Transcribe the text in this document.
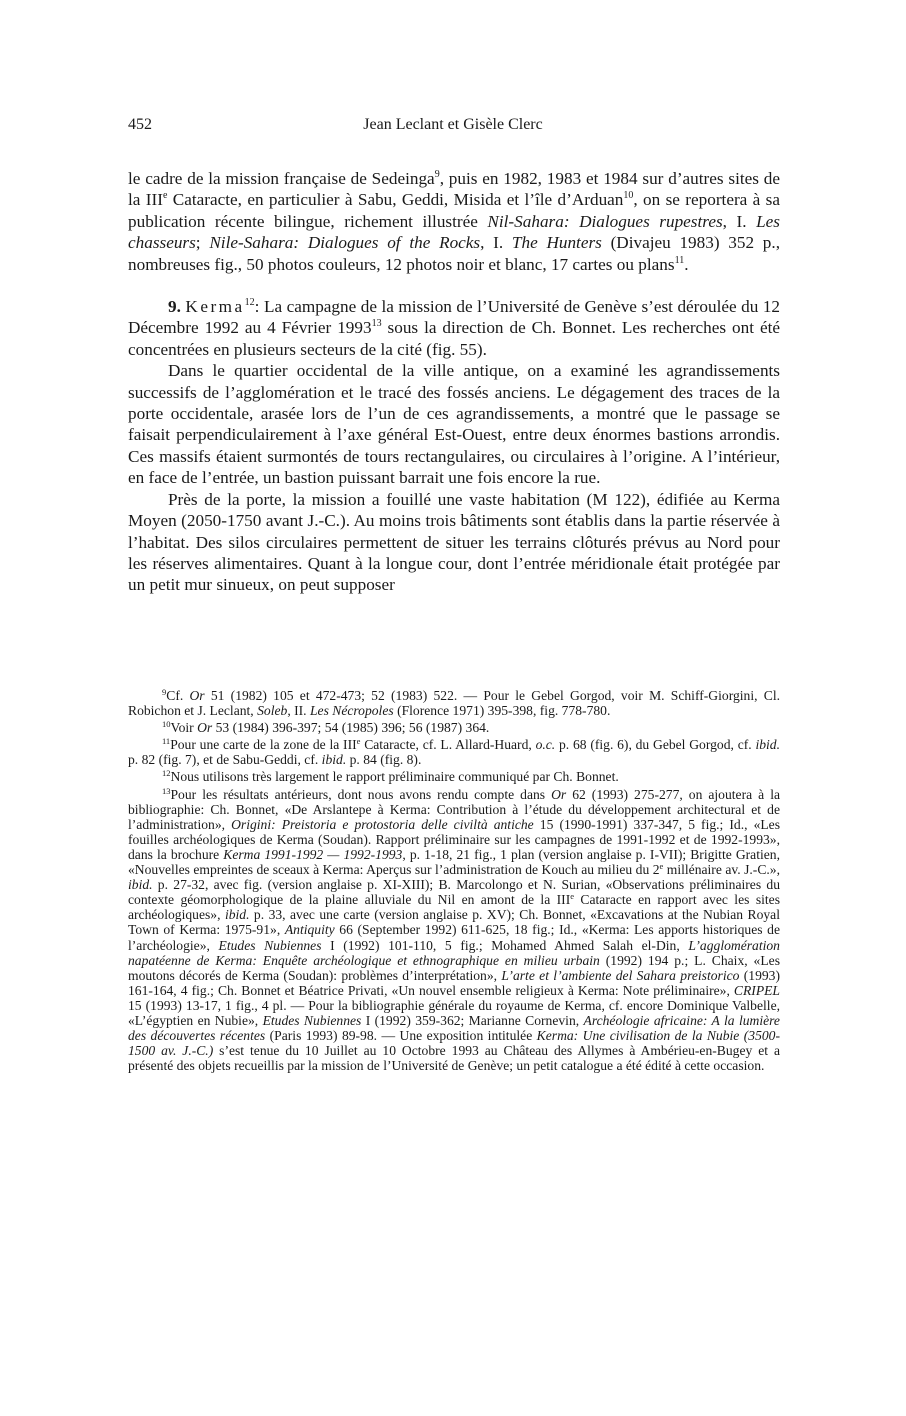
452	Jean Leclant et Gisèle Clerc

le cadre de la mission française de Sedeinga$^9$, puis en 1982, 1983 et 1984 sur d’autres sites de la IIIe Cataracte, en particulier à Sabu, Geddi, Misida et l’île d’Arduan$^{10}$, on se reportera à sa publication récente bilingue, richement illustrée Nil-Sahara: Dialogues rupestres, I. Les chasseurs; Nile-Sahara: Dialogues of the Rocks, I. The Hunters (Divajeu 1983) 352 p., nombreuses fig., 50 photos couleurs, 12 photos noir et blanc, 17 cartes ou plans$^{11}$.

9. Kerma$^{12}$: La campagne de la mission de l’Université de Genève s’est déroulée du 12 Décembre 1992 au 4 Février 1993$^{13}$ sous la direction de Ch. Bonnet. Les recherches ont été concentrées en plusieurs secteurs de la cité (fig. 55).

Dans le quartier occidental de la ville antique, on a examiné les agrandissements successifs de l’agglomération et le tracé des fossés anciens. Le dégagement des traces de la porte occidentale, arasée lors de l’un de ces agrandissements, a montré que le passage se faisait perpendiculairement à l’axe général Est-Ouest, entre deux énormes bastions arrondis. Ces massifs étaient surmontés de tours rectangulaires, ou circulaires à l’origine. A l’intérieur, en face de l’entrée, un bastion puissant barrait une fois encore la rue.

Près de la porte, la mission a fouillé une vaste habitation (M 122), édifiée au Kerma Moyen (2050-1750 avant J.-C.). Au moins trois bâtiments sont établis dans la partie réservée à l’habitat. Des silos circulaires permettent de situer les terrains clôturés prévus au Nord pour les réserves alimentaires. Quant à la longue cour, dont l’entrée méridionale était protégée par un petit mur sinueux, on peut supposer

$^9$Cf. Or 51 (1982) 105 et 472-473; 52 (1983) 522. — Pour le Gebel Gorgod, voir M. Schiff-Giorgini, Cl. Robichon et J. Leclant, Soleb, II. Les Nécropoles (Florence 1971) 395-398, fig. 778-780.

$^{10}$Voir Or 53 (1984) 396-397; 54 (1985) 396; 56 (1987) 364.

$^{11}$Pour une carte de la zone de la IIIe Cataracte, cf. L. Allard-Huard, o.c. p. 68 (fig. 6), du Gebel Gorgod, cf. ibid. p. 82 (fig. 7), et de Sabu-Geddi, cf. ibid. p. 84 (fig. 8).

$^{12}$Nous utilisons très largement le rapport préliminaire communiqué par Ch. Bonnet.

$^{13}$Pour les résultats antérieurs, dont nous avons rendu compte dans Or 62 (1993) 275-277, on ajoutera à la bibliographie: Ch. Bonnet, «De Arslantepe à Kerma: Contribution à l’étude du développement architectural et de l’administration», Origini: Preistoria e protostoria delle civiltà antiche 15 (1990-1991) 337-347, 5 fig.; Id., «Les fouilles archéologiques de Kerma (Soudan). Rapport préliminaire sur les campagnes de 1991-1992 et de 1992-1993», dans la brochure Kerma 1991-1992 — 1992-1993, p. 1-18, 21 fig., 1 plan (version anglaise p. I-VII); Brigitte Gratien, «Nouvelles empreintes de sceaux à Kerma: Aperçus sur l’administration de Kouch au milieu du 2e millénaire av. J.-C.», ibid. p. 27-32, avec fig. (version anglaise p. XI-XIII); B. Marcolongo et N. Surian, «Observations préliminaires du contexte géomorphologique de la plaine alluviale du Nil en amont de la IIIe Cataracte en rapport avec les sites archéologiques», ibid. p. 33, avec une carte (version anglaise p. XV); Ch. Bonnet, «Excavations at the Nubian Royal Town of Kerma: 1975-91», Antiquity 66 (September 1992) 611-625, 18 fig.; Id., «Kerma: Les apports historiques de l’archéologie», Etudes Nubiennes I (1992) 101-110, 5 fig.; Mohamed Ahmed Salah el-Din, L’agglomération napatéenne de Kerma: Enquête archéologique et ethnographique en milieu urbain (1992) 194 p.; L. Chaix, «Les moutons décorés de Kerma (Soudan): problèmes d’interprétation», L’arte et l’ambiente del Sahara preistorico (1993) 161-164, 4 fig.; Ch. Bonnet et Béatrice Privati, «Un nouvel ensemble religieux à Kerma: Note préliminaire», CRIPEL 15 (1993) 13-17, 1 fig., 4 pl. — Pour la bibliographie générale du royaume de Kerma, cf. encore Dominique Valbelle, «L’égyptien en Nubie», Etudes Nubiennes I (1992) 359-362; Marianne Cornevin, Archéologie africaine: A la lumière des découvertes récentes (Paris 1993) 89-98. — Une exposition intitulée Kerma: Une civilisation de la Nubie (3500-1500 av. J.-C.) s’est tenue du 10 Juillet au 10 Octobre 1993 au Château des Allymes à Ambérieu-en-Bugey et a présenté des objets recueillis par la mission de l’Université de Genève; un petit catalogue a été édité à cette occasion.
